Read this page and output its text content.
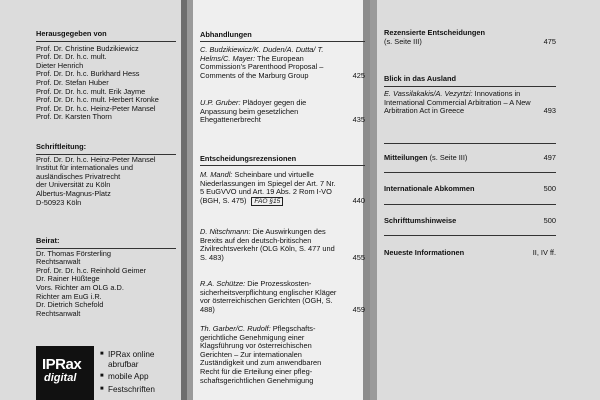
Herausgegeben von
Prof. Dr. Christine Budzikiewicz
Prof. Dr. Dr. h.c. mult.
Dieter Henrich
Prof. Dr. Dr. h.c. Burkhard Hess
Prof. Dr. Stefan Huber
Prof. Dr. Dr. h.c. mult. Erik Jayme
Prof. Dr. Dr. h.c. mult. Herbert Kronke
Prof. Dr. Dr. h.c. Heinz-Peter Mansel
Prof. Dr. Karsten Thorn
Schriftleitung:
Prof. Dr. Dr. h.c. Heinz-Peter Mansel
Institut für internationales und
ausländisches Privatrecht
der Universität zu Köln
Albertus-Magnus-Platz
D-50923 Köln
Beirat:
Dr. Thomas Försterling
Rechtsanwalt
Prof. Dr. Dr. h.c. Reinhold Geimer
Dr. Rainer Hüßtege
Vors. Richter am OLG a.D.
Richter am EuG i.R.
Dr. Dietrich Schefold
Rechtsanwalt
IPRax
digital
■ IPRax online abrufbar
■ mobile App
■ Festschriften
Abhandlungen
C. Budzikiewicz/K. Duden/A. Dutta/ T. Helms/C. Mayer: The European Commission's Parenthood Proposal – Comments of the Marburg Group	425
U.P. Gruber: Plädoyer gegen die Anpassung beim gesetzlichen Ehegattenerbrecht	435
Entscheidungsrezensionen
M. Mandl: Scheinbare und virtuelle Niederlassungen im Spiegel der Art. 7 Nr. 5 EuGVVO und Art. 19 Abs. 2 Rom I-VO (BGH, S. 475) FAO §15	440
D. Nitschmann: Die Auswirkungen des Brexits auf den deutsch-britischen Zivilrechtsverkehr (OLG Köln, S. 477 und S. 483)	455
R.A. Schütze: Die Prozesskosten-sicherheitsverpflichtung englischer Kläger vor österreichischen Gerichten (OGH, S. 488)	459
Th. Garber/C. Rudolf: Pflegschafts-gerichtliche Genehmigung einer Klagsführung vor österreichischen Gerichten – Zur internationalen Zuständigkeit und zum anwendbaren Recht für die Erteilung einer pfleg-schaftsgerichtlichen Genehmigung
Rezensierte Entscheidungen
(s. Seite III)	475
Blick in das Ausland
E. Vassilakakis/A. Vezyrtzi: Innovations in International Commercial Arbitration – A New Arbitration Act in Greece	493
Mitteilungen (s. Seite III)	497
Internationale Abkommen	500
Schrifttumshinweise	500
Neueste Informationen	II, IV ff.
